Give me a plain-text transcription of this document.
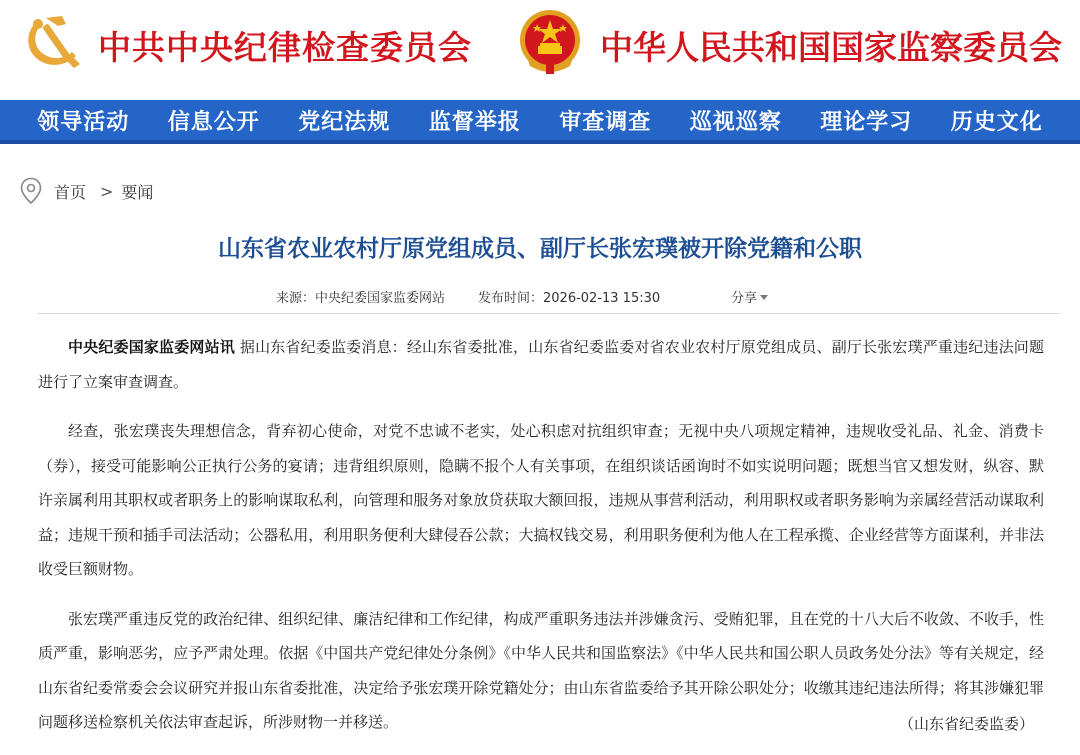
中共中央纪律检查委员会	中华人民共和国国家监察委员会
领导活动 信息公开 党纪法规 监督举报 审查调查 巡视巡察 理论学习 历史文化
首页 > 要闻
山东省农业农村厅原党组成员、副厅长张宏璞被开除党籍和公职
来源：中央纪委国家监委网站	发布时间：2026-02-13 15:30	分享

中央纪委国家监委网站讯 据山东省纪委监委消息：经山东省委批准，山东省纪委监委对省农业农村厅原党组成员、副厅长张宏璞严重违纪违法问题进行了立案审查调查。

经查，张宏璞丧失理想信念，背弃初心使命，对党不忠诚不老实，处心积虑对抗组织审查；无视中央八项规定精神，违规收受礼品、礼金、消费卡（券），接受可能影响公正执行公务的宴请；违背组织原则，隐瞒不报个人有关事项，在组织谈话函询时不如实说明问题；既想当官又想发财，纵容、默许亲属利用其职权或者职务上的影响谋取私利，向管理和服务对象放贷获取大额回报，违规从事营利活动，利用职权或者职务影响为亲属经营活动谋取利益；违规干预和插手司法活动；公器私用，利用职务便利大肆侵吞公款；大搞权钱交易，利用职务便利为他人在工程承揽、企业经营等方面谋利，并非法收受巨额财物。

张宏璞严重违反党的政治纪律、组织纪律、廉洁纪律和工作纪律，构成严重职务违法并涉嫌贪污、受贿犯罪，且在党的十八大后不收敛、不收手，性质严重，影响恶劣，应予严肃处理。依据《中国共产党纪律处分条例》《中华人民共和国监察法》《中华人民共和国公职人员政务处分法》等有关规定，经山东省纪委常委会会议研究并报山东省委批准，决定给予张宏璞开除党籍处分；由山东省监委给予其开除公职处分；收缴其违纪违法所得；将其涉嫌犯罪问题移送检察机关依法审查起诉，所涉财物一并移送。	（山东省纪委监委）
